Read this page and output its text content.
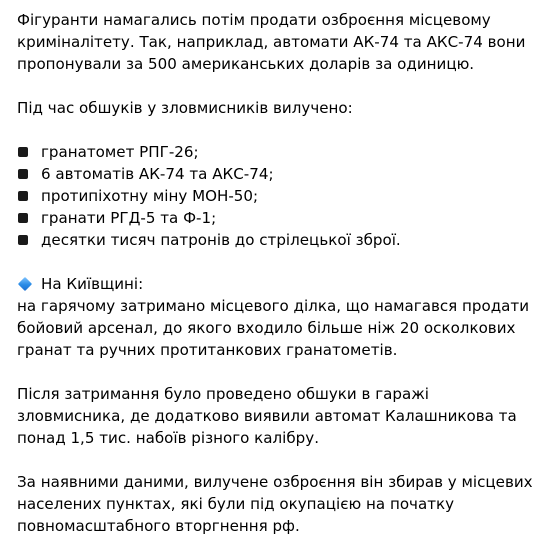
Фігуранти намагались потім продати озброєння місцевому
криміналітету. Так, наприклад, автомати АК-74 та АКС-74 вони
пропонували за 500 американських доларів за одиницю.
Під час обшуків у зловмисників вилучено:
гранатомет РПГ-26;
6 автоматів АК-74 та АКС-74;
протипіхотну міну МОН-50;
гранати РГД-5 та Ф-1;
десятки тисяч патронів до стрілецької зброї.
На Київщині:
на гарячому затримано місцевого ділка, що намагався продати
бойовий арсенал, до якого входило більше ніж 20 осколкових
гранат та ручних протитанкових гранатометів.
Після затримання було проведено обшуки в гаражі
зловмисника, де додатково виявили автомат Калашникова та
понад 1,5 тис. набоїв різного калібру.
За наявними даними, вилучене озброєння він збирав у місцевих
населених пунктах, які були під окупацією на початку
повномасштабного вторгнення рф.
